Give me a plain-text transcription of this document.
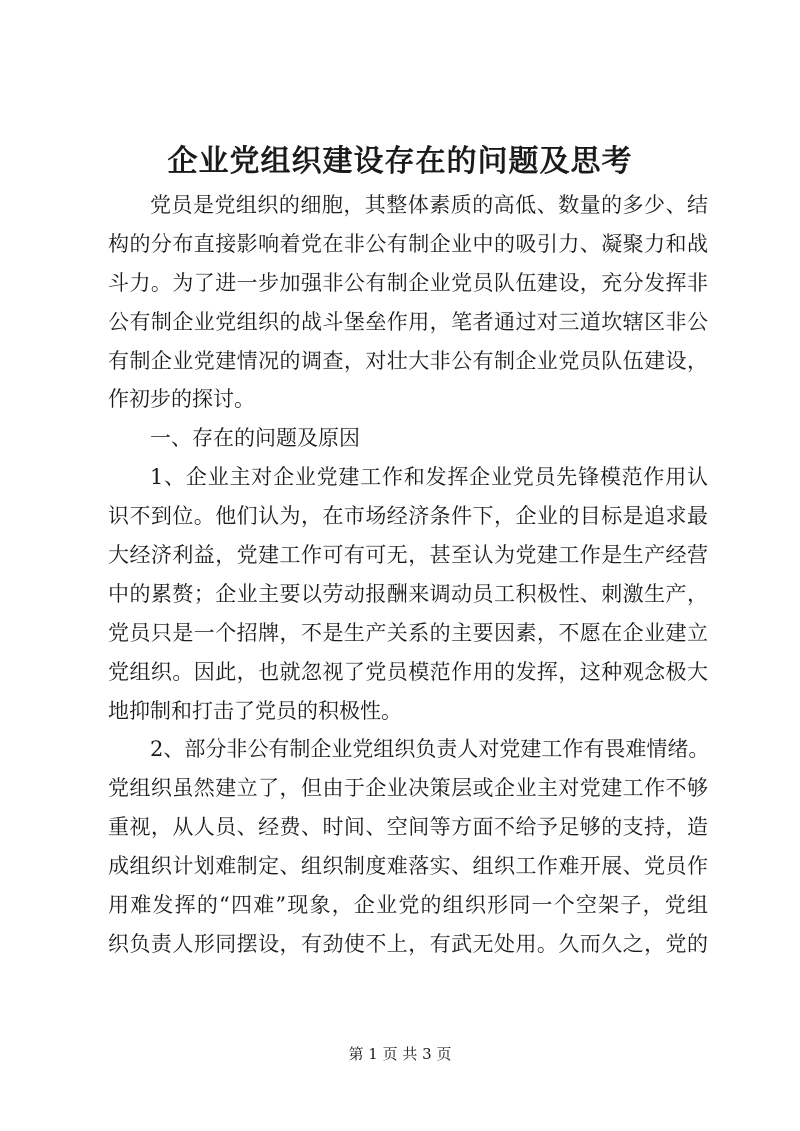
企业党组织建设存在的问题及思考
党员是党组织的细胞，其整体素质的高低、数量的多少、结
构的分布直接影响着党在非公有制企业中的吸引力、凝聚力和战
斗力。为了进一步加强非公有制企业党员队伍建设，充分发挥非
公有制企业党组织的战斗堡垒作用，笔者通过对三道坎辖区非公
有制企业党建情况的调查，对壮大非公有制企业党员队伍建设，
作初步的探讨。
一、存在的问题及原因
1、企业主对企业党建工作和发挥企业党员先锋模范作用认
识不到位。他们认为，在市场经济条件下，企业的目标是追求最
大经济利益，党建工作可有可无，甚至认为党建工作是生产经营
中的累赘；企业主要以劳动报酬来调动员工积极性、刺激生产，
党员只是一个招牌，不是生产关系的主要因素，不愿在企业建立
党组织。因此，也就忽视了党员模范作用的发挥，这种观念极大
地抑制和打击了党员的积极性。
2、部分非公有制企业党组织负责人对党建工作有畏难情绪。
党组织虽然建立了，但由于企业决策层或企业主对党建工作不够
重视，从人员、经费、时间、空间等方面不给予足够的支持，造
成组织计划难制定、组织制度难落实、组织工作难开展、党员作
用难发挥的“四难”现象，企业党的组织形同一个空架子，党组
织负责人形同摆设，有劲使不上，有武无处用。久而久之，党的
第 1 页 共 3 页
